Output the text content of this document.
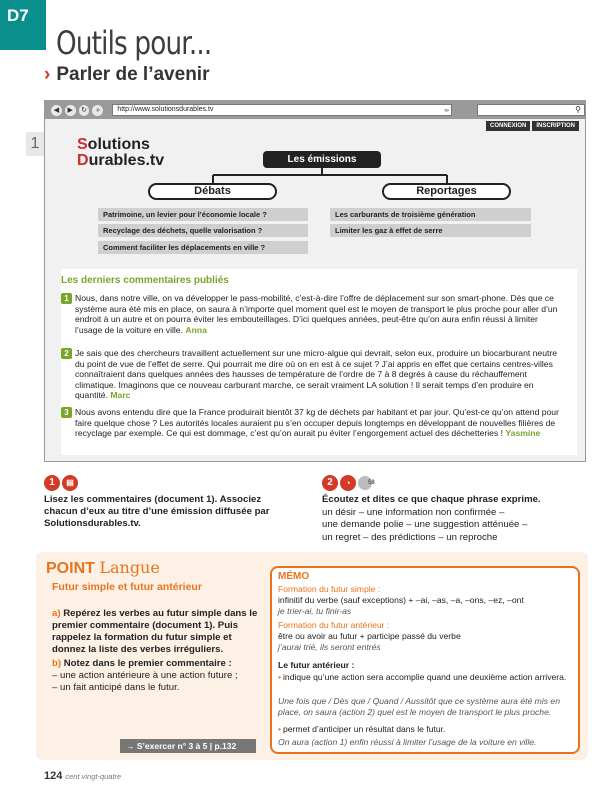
D7
Outils pour...
› Parler de l’avenir
1
◀	▶	↻	»	http://www.solutionsdurables.tv	∞	⚲
CONNEXION	INSCRIPTION
Solutions
Durables.tv	Les émissions
Débats	Reportages
Patrimoine, un levier pour l’économie locale ?
Recyclage des déchets, quelle valorisation ?
Comment faciliter les déplacements en ville ?
Les carburants de troisième génération
Limiter les gaz à effet de serre
Les derniers commentaires publiés
1 Nous, dans notre ville, on va développer le pass-mobilité, c’est-à-dire l’offre de déplacement sur son smart-phone. Dès que ce système aura été mis en place, on saura à n’importe quel moment quel est le moyen de transport le plus proche pour aller d’un endroit à un autre et on pourra éviter les embouteillages. D’ici quelques années, peut-être qu’on aura enfin réussi à limiter l’usage de la voiture en ville. Anna
2 Je sais que des chercheurs travaillent actuellement sur une micro-algue qui devrait, selon eux, produire un biocarburant neutre du point de vue de l’effet de serre. Qui pourrait me dire où on en est à ce sujet ? J’ai appris en effet que certains centres-villes connaîtraient dans quelques années des hausses de température de l’ordre de 7 à 8 degrés à cause du réchauffement climatique. Imaginons que ce nouveau carburant marche, ce serait vraiment LA solution ! Il serait temps d’en produire en quantité. Marc
3 Nous avons entendu dire que la France produirait bientôt 37 kg de déchets par habitant et par jour. Qu’est-ce qu’on attend pour faire quelque chose ? Les autorités locales auraient pu s’en occuper depuis longtemps en développant de nouvelles filières de recyclage par exemple. Ce qui est dommage, c’est qu’on aurait pu éviter l’engorgement actuel des déchetteries ! Yasmine
1	▤
Lisez les commentaires (document 1). Associez chacun d’eux au titre d’une émission diffusée par Solutionsdurables.tv.
2	◔	58
Écoutez et dites ce que chaque phrase exprime.
un désir – une information non confirmée –
une demande polie – une suggestion atténuée –
un regret – des prédictions – un reproche
POINT Langue
Futur simple et futur antérieur
a) Repérez les verbes au futur simple dans le premier commentaire (document 1). Puis rappelez la formation du futur simple et donnez la liste des verbes irréguliers.
b) Notez dans le premier commentaire :
– une action antérieure à une action future ;
– un fait anticipé dans le futur.
→ S’exercer n° 3 à 5 | p.132
MÉMO
Formation du futur simple :
infinitif du verbe (sauf exceptions) + –ai, –as, –a, –ons, –ez, –ont
je trier-ai, tu finir-as
Formation du futur antérieur :
être ou avoir au futur + participe passé du verbe
j’aurai trié, ils seront entrés
Le futur antérieur :
• indique qu’une action sera accomplie quand une deuxième action arrivera.
Une fois que / Dès que / Quand / Aussitôt que ce système aura été mis en place, on saura (action 2) quel est le moyen de transport le plus proche.
• permet d’anticiper un résultat dans le futur.
On aura (action 1) enfin réussi à limiter l’usage de la voiture en ville.
124 cent vingt-quatre
